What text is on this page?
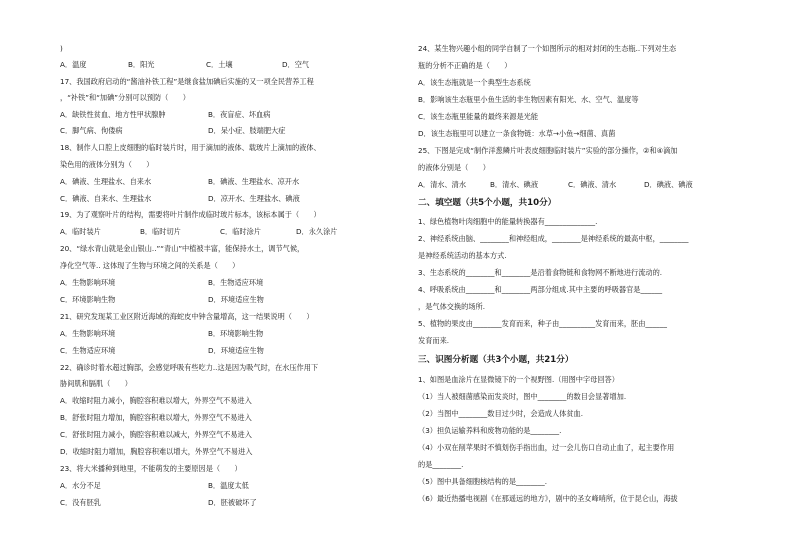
)
A．温度	B．阳光	C．土壤	D．空气
17、我国政府启动的“酱油补铁工程”是继食盐加碘后实施的又一项全民营养工程
，“补铁”和“加碘”分别可以预防（　　）
A．缺铁性贫血、地方性甲状腺肿	B．夜盲症、坏血病
C．脚气病、佝偻病	D．呆小症、肢端肥大症
18、制作人口腔上皮细胞的临时装片时，用于滴加的液体、载玻片上滴加的液体、
染色用的液体分别为（　　）
A．碘液、生理盐水、自来水	B．碘液、生理盐水、凉开水
C．碘液、自来水、生理盐水	D．凉开水、生理盐水、碘液
19、为了观察叶片的结构，需要将叶片制作成临时玻片标本，该标本属于（　　）
A．临时装片	B．临时切片	C．临时涂片	D．永久涂片
20、“绿水青山就是金山银山..”“青山”中植被丰富，能保持水土，调节气候，
净化空气等.. 这体现了生物与环境之间的关系是（　　）
A．生物影响环境	B．生物适应环境
C．环境影响生物	D．环境适应生物
21、研究发现某工业区附近海域的海蛇皮中钟含量增高，这一结果说明（　　）
A．生物影响环境	B．环境影响生物
C．生物适应环境	D．环境适应生物
22、确诊时着水超过胸部，会感觉呼吸有些吃力..这是因为吸气时，在水压作用下
胁间肌和膈肌（　　）
A．收缩时阻力减小，胸腔容积难以增大，外界空气不易进入
B．舒张时阻力增加，胸腔容积难以增大，外界空气不易进入
C．舒张时阻力减小，胸腔容积难以减大，外界空气不易进入
D．收缩时阻力增加，胸腔容积难以增大，外界空气不易进入
23、将大米播种到地里，不能萌发的主要原因是（　　）
A．水分不足	B．温度太低
C．没有胚乳	D．胚被破坏了
24、某生物兴趣小组的同学自制了一个如图所示的相对封闭的生态瓶..下列对生态
瓶的分析不正确的是（　　）
A．该生态瓶就是一个典型生态系统
B．影响该生态瓶里小鱼生活的非生物因素有阳光、水、空气、温度等
C．该生态瓶里能量的最终来源是光能
D．该生态瓶里可以建立一条食物链：水草→小鱼→细菌、真菌
25、下图是完成“制作洋葱鳞片叶表皮细胞临时装片”实验的部分操作，②和④滴加
的液体分别是（　　）
A．清水、清水	B．清水、碘液	C．碘液、清水	D．碘液、碘液
二、填空题（共5个小题，共10分）
1、绿色植物叶肉细胞中的能量转换器有______________.
2、神经系统由脑、________和神经组成，________是神经系统的最高中枢，________
是神经系统活动的基本方式.
3、生态系统的________和________是沿着食物链和食物网不断地进行流动的.
4、呼吸系统由________和________两部分组成.其中主要的呼吸器官是______
，是气体交换的场所.
5、植物的果皮由________发育而来，种子由__________发育而来，胚由______
发育而来.
三、识图分析题（共3个小题，共21分）
1、如图是血涂片在显微镜下的一个视野图.（用图中字母回答）
（1）当人被细菌感染而发炎时，图中________的数目会显著增加.
（2）当图中________数目过少时，会造成人体贫血.
（3）担负运输养料和废物功能的是________.
（4）小双在削苹果时不慎划伤手指出血，过一会儿伤口自动止血了，起主要作用
的是________.
（5）图中具备细胞核结构的是________.
（6）最近热播电视剧《在那遥远的地方》，剧中的圣女峰哨所，位于昆仑山，海拔
